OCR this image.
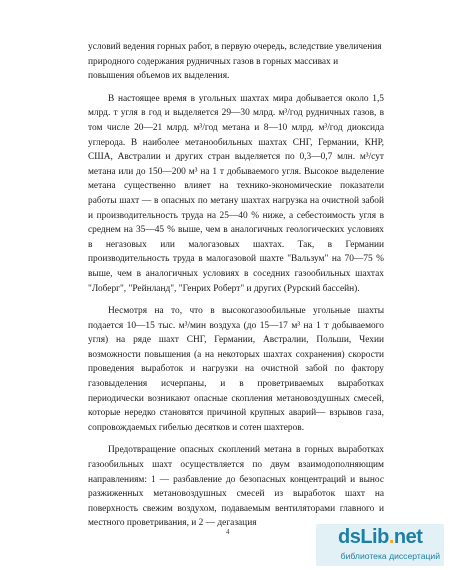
условий ведения горных работ, в первую очередь, вследствие увеличения природного содержания рудничных газов в горных массивах и повышения объемов их выделения.

В настоящее время в угольных шахтах мира добывается около 1,5 млрд. т угля в год и выделяется 29—30 млрд. м³/год рудничных газов, в том числе 20—21 млрд. м³/год метана и 8—10 млрд. м³/год диоксида углерода. В наиболее метанообильных шахтах СНГ, Германии, КНР, США, Австралии и других стран выделяется по 0,3—0,7 млн. м³/сут метана или до 150—200 м³ на 1 т добываемого угля. Высокое выделение метана существенно влияет на технико-экономические показатели работы шахт — в опасных по метану шахтах нагрузка на очистной забой и производительность труда на 25—40 % ниже, а себестоимость угля в среднем на 35—45 % выше, чем в аналогичных геологических условиях в негазовых или малогазовых шахтах. Так, в Германии производительность труда в малогазовой шахте "Вальзум" на 70—75 % выше, чем в аналогичных условиях в соседних газообильных шахтах "Лоберг", "Рейнланд", "Генрих Роберт" и других (Рурский бассейн).

Несмотря на то, что в высокогазообильные угольные шахты подается 10—15 тыс. м³/мин воздуха (до 15—17 м³ на 1 т добываемого угля) на ряде шахт СНГ, Германии, Австралии, Польши, Чехии возможности повышения (а на некоторых шахтах сохранения) скорости проведения выработок и нагрузки на очистной забой по фактору газовыделения исчерпаны, и в проветриваемых выработках периодически возникают опасные скопления метановоздушных смесей, которые нередко становятся причиной крупных аварий— взрывов газа, сопровождаемых гибелью десятков и сотен шахтеров.

Предотвращение опасных скоплений метана в горных выработках газообильных шахт осуществляется по двум взаимодополняющим направлениям: 1 — разбавление до безопасных концентраций и вынос разжиженных метановоздушных смесей из выработок шахт на поверхность свежим воздухом, подаваемым вентиляторами главного и местного проветривания, и 2 — дегазация

4	dsLib.net
библиотека диссертаций
